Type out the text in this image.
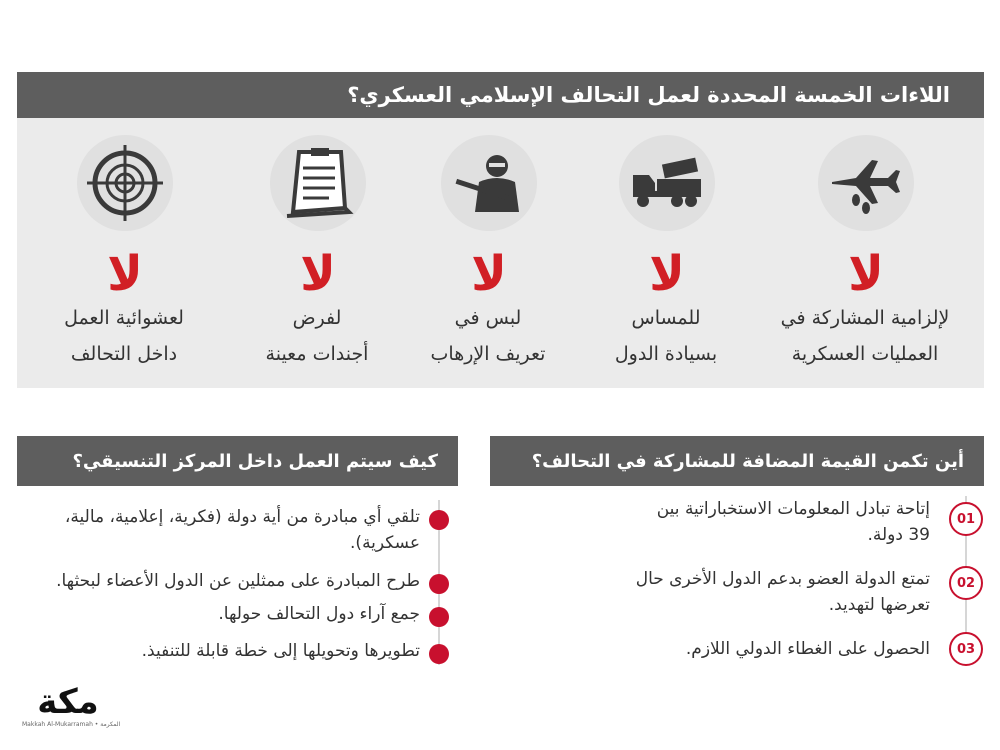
اللاءات الخمسة المحددة لعمل التحالف الإسلامي العسكري؟
لا
لا
لا
لا
لا
لإلزامية المشاركة في
العمليات العسكرية
للمساس
بسيادة الدول
لبس في
تعريف الإرهاب
لفرض
أجندات معينة
لعشوائية العمل
داخل التحالف
كيف سيتم العمل داخل المركز التنسيقي؟
تلقي أي مبادرة من أية دولة (فكرية، إعلامية، مالية، عسكرية).
طرح المبادرة على ممثلين عن الدول الأعضاء لبحثها.
جمع آراء دول التحالف حولها.
تطويرها وتحويلها إلى خطة قابلة للتنفيذ.
أين تكمن القيمة المضافة للمشاركة في التحالف؟
01
إتاحة تبادل المعلومات الاستخباراتية بين 39 دولة.
02
تمتع الدولة العضو بدعم الدول الأخرى حال تعرضها لتهديد.
03
الحصول على الغطاء الدولي اللازم.
مكة
Makkah Al-Mukarramah • المكرمة
